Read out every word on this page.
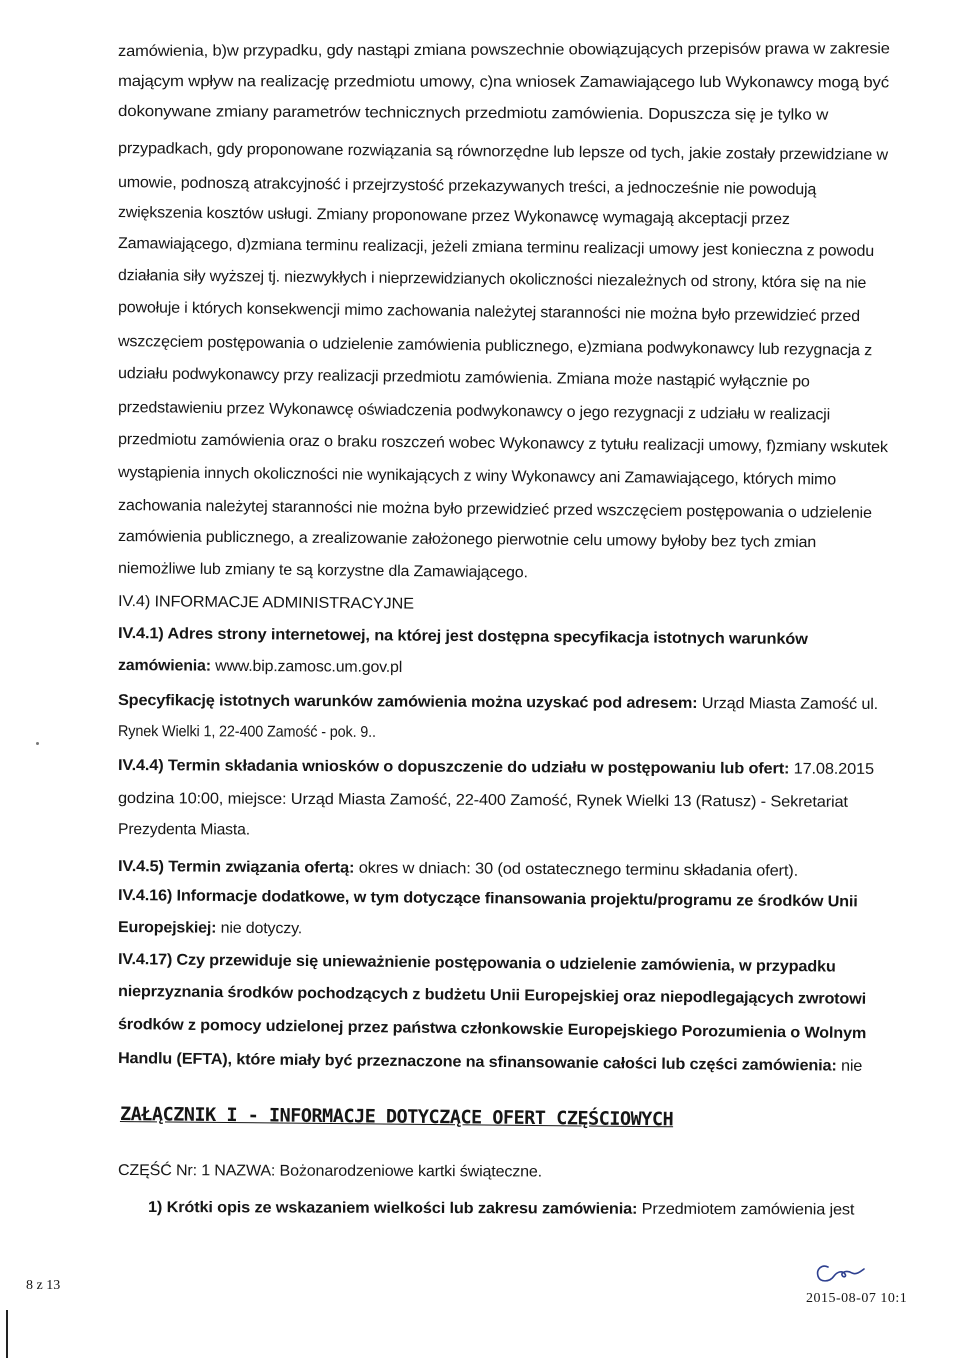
zamówienia, b)w przypadku, gdy nastąpi zmiana powszechnie obowiązujących przepisów prawa w zakresie
mającym wpływ na realizację przedmiotu umowy, c)na wniosek Zamawiającego lub Wykonawcy mogą być
dokonywane zmiany parametrów technicznych przedmiotu zamówienia. Dopuszcza się je tylko w
przypadkach, gdy proponowane rozwiązania są równorzędne lub lepsze od tych, jakie zostały przewidziane w
umowie, podnoszą atrakcyjność i przejrzystość przekazywanych treści, a jednocześnie nie powodują
zwiększenia kosztów usługi. Zmiany proponowane przez Wykonawcę wymagają akceptacji przez
Zamawiającego, d)zmiana terminu realizacji, jeżeli zmiana terminu realizacji umowy jest konieczna z powodu
działania siły wyższej tj. niezwykłych i nieprzewidzianych okoliczności niezależnych od strony, która się na nie
powołuje i których konsekwencji mimo zachowania należytej staranności nie można było przewidzieć przed
wszczęciem postępowania o udzielenie zamówienia publicznego, e)zmiana podwykonawcy lub rezygnacja z
udziału podwykonawcy przy realizacji przedmiotu zamówienia. Zmiana może nastąpić wyłącznie po
przedstawieniu przez Wykonawcę oświadczenia podwykonawcy o jego rezygnacji z udziału w realizacji
przedmiotu zamówienia oraz o braku roszczeń wobec Wykonawcy z tytułu realizacji umowy, f)zmiany wskutek
wystąpienia innych okoliczności nie wynikających z winy Wykonawcy ani Zamawiającego, których mimo
zachowania należytej staranności nie można było przewidzieć przed wszczęciem postępowania o udzielenie
zamówienia publicznego, a zrealizowanie założonego pierwotnie celu umowy byłoby bez tych zmian
niemożliwe lub zmiany te są korzystne dla Zamawiającego.
IV.4) INFORMACJE ADMINISTRACYJNE
IV.4.1) Adres strony internetowej, na której jest dostępna specyfikacja istotnych warunków
zamówienia: www.bip.zamosc.um.gov.pl
Specyfikację istotnych warunków zamówienia można uzyskać pod adresem: Urząd Miasta Zamość ul.
Rynek Wielki 1, 22-400 Zamość - pok. 9..
IV.4.4) Termin składania wniosków o dopuszczenie do udziału w postępowaniu lub ofert: 17.08.2015
godzina 10:00, miejsce: Urząd Miasta Zamość, 22-400 Zamość, Rynek Wielki 13 (Ratusz) - Sekretariat
Prezydenta Miasta.
IV.4.5) Termin związania ofertą: okres w dniach: 30 (od ostatecznego terminu składania ofert).
IV.4.16) Informacje dodatkowe, w tym dotyczące finansowania projektu/programu ze środków Unii
Europejskiej: nie dotyczy.
IV.4.17) Czy przewiduje się unieważnienie postępowania o udzielenie zamówienia, w przypadku
nieprzyznania środków pochodzących z budżetu Unii Europejskiej oraz niepodlegających zwrotowi
środków z pomocy udzielonej przez państwa członkowskie Europejskiego Porozumienia o Wolnym
Handlu (EFTA), które miały być przeznaczone na sfinansowanie całości lub części zamówienia: nie
CZĘŚĆ Nr: 1 NAZWA: Bożonarodzeniowe kartki świąteczne.
1) Krótki opis ze wskazaniem wielkości lub zakresu zamówienia: Przedmiotem zamówienia jest
ZAŁĄCZNIK I - INFORMACJE DOTYCZĄCE OFERT CZĘŚCIOWYCH
8 z 13
2015-08-07 10:1
